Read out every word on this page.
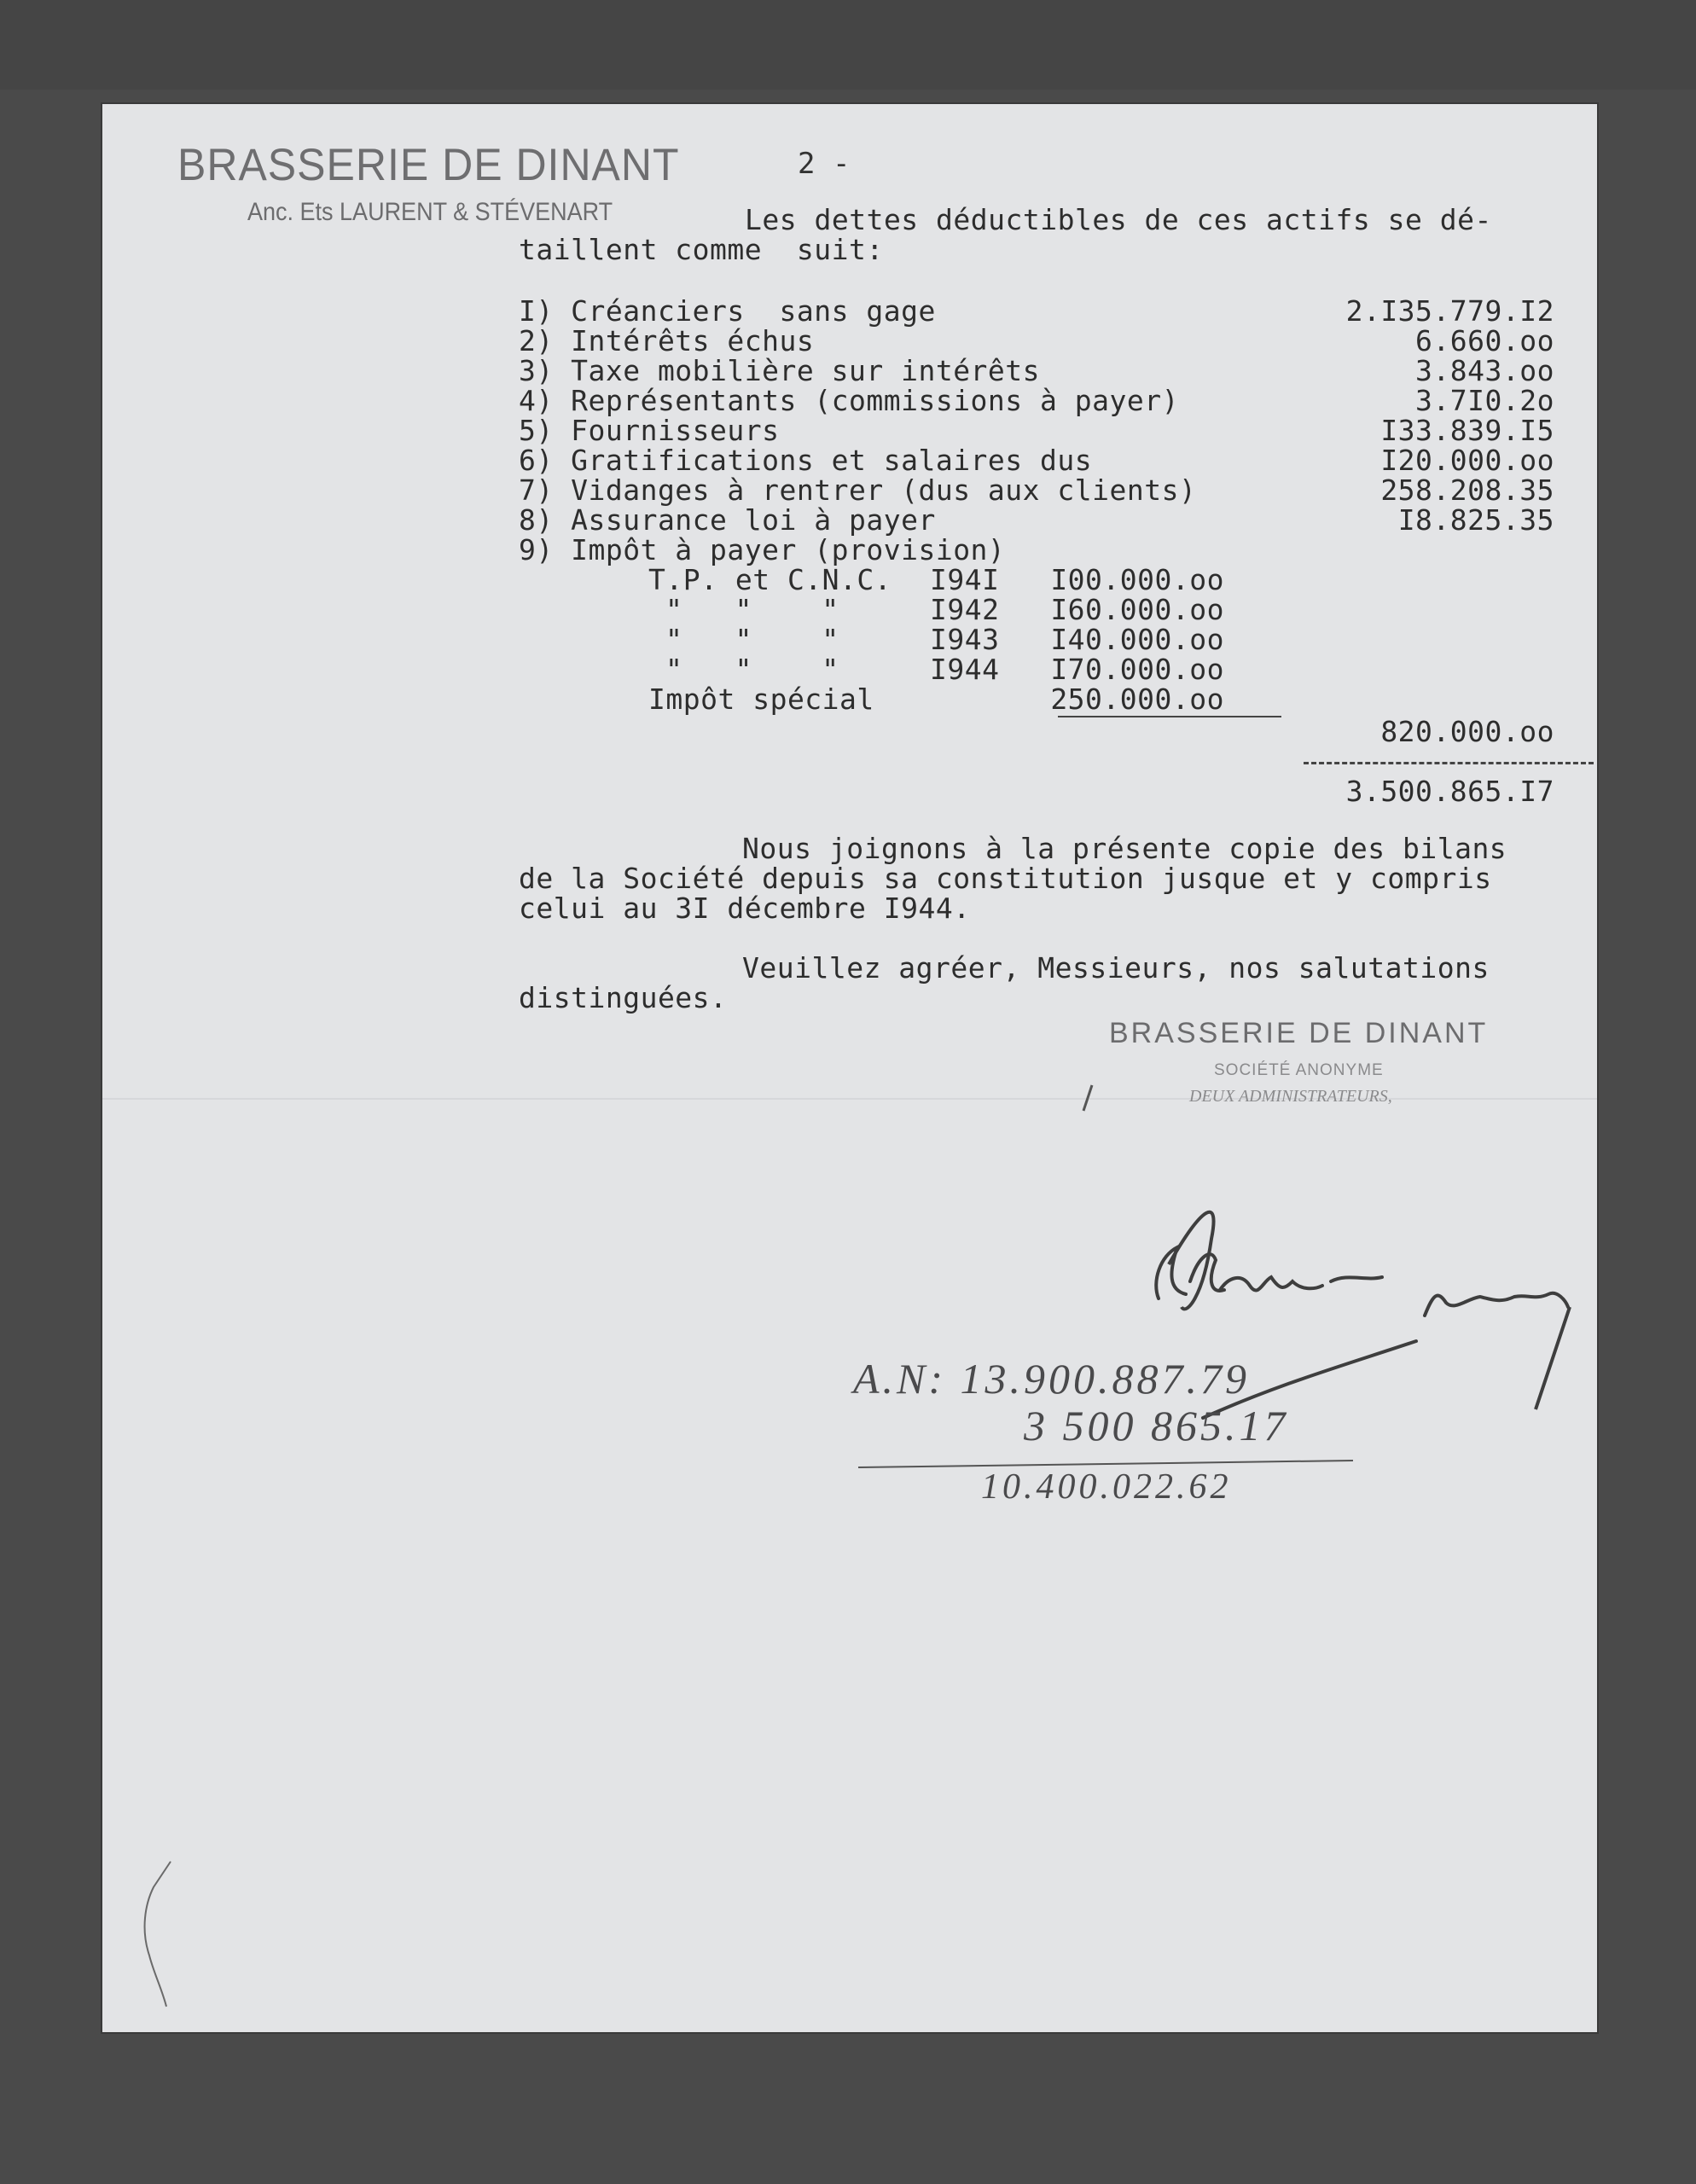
BRASSERIE DE DINANT
Anc. Ets LAURENT & STÉVENART
2 -
Les dettes déductibles de ces actifs se dé-
taillent comme  suit:
I) Créanciers  sans gage	2.I35.779.I2
2) Intérêts échus	6.660.oo
3) Taxe mobilière sur intérêts	3.843.oo
4) Représentants (commissions à payer)	3.7I0.2o
5) Fournisseurs	I33.839.I5
6) Gratifications et salaires dus	I20.000.oo
7) Vidanges à rentrer (dus aux clients)	258.208.35
8) Assurance loi à payer	I8.825.35
9) Impôt à payer (provision)
T.P. et C.N.C. I94I	I00.000.oo
"   "    "	I942	I60.000.oo
"   "    "	I943	I40.000.oo
"   "    "	I944	I70.000.oo
Impôt spécial	250.000.oo
820.000.oo
3.500.865.I7
Nous joignons à la présente copie des bilans
de la Société depuis sa constitution jusque et y compris
celui au 3I décembre I944.
Veuillez agréer, Messieurs, nos salutations
distinguées.
BRASSERIE DE DINANT
SOCIÉTÉ ANONYME
DEUX ADMINISTRATEURS,
A.N: 13.900.887.79
3 500 865.17
10.400.022.62
